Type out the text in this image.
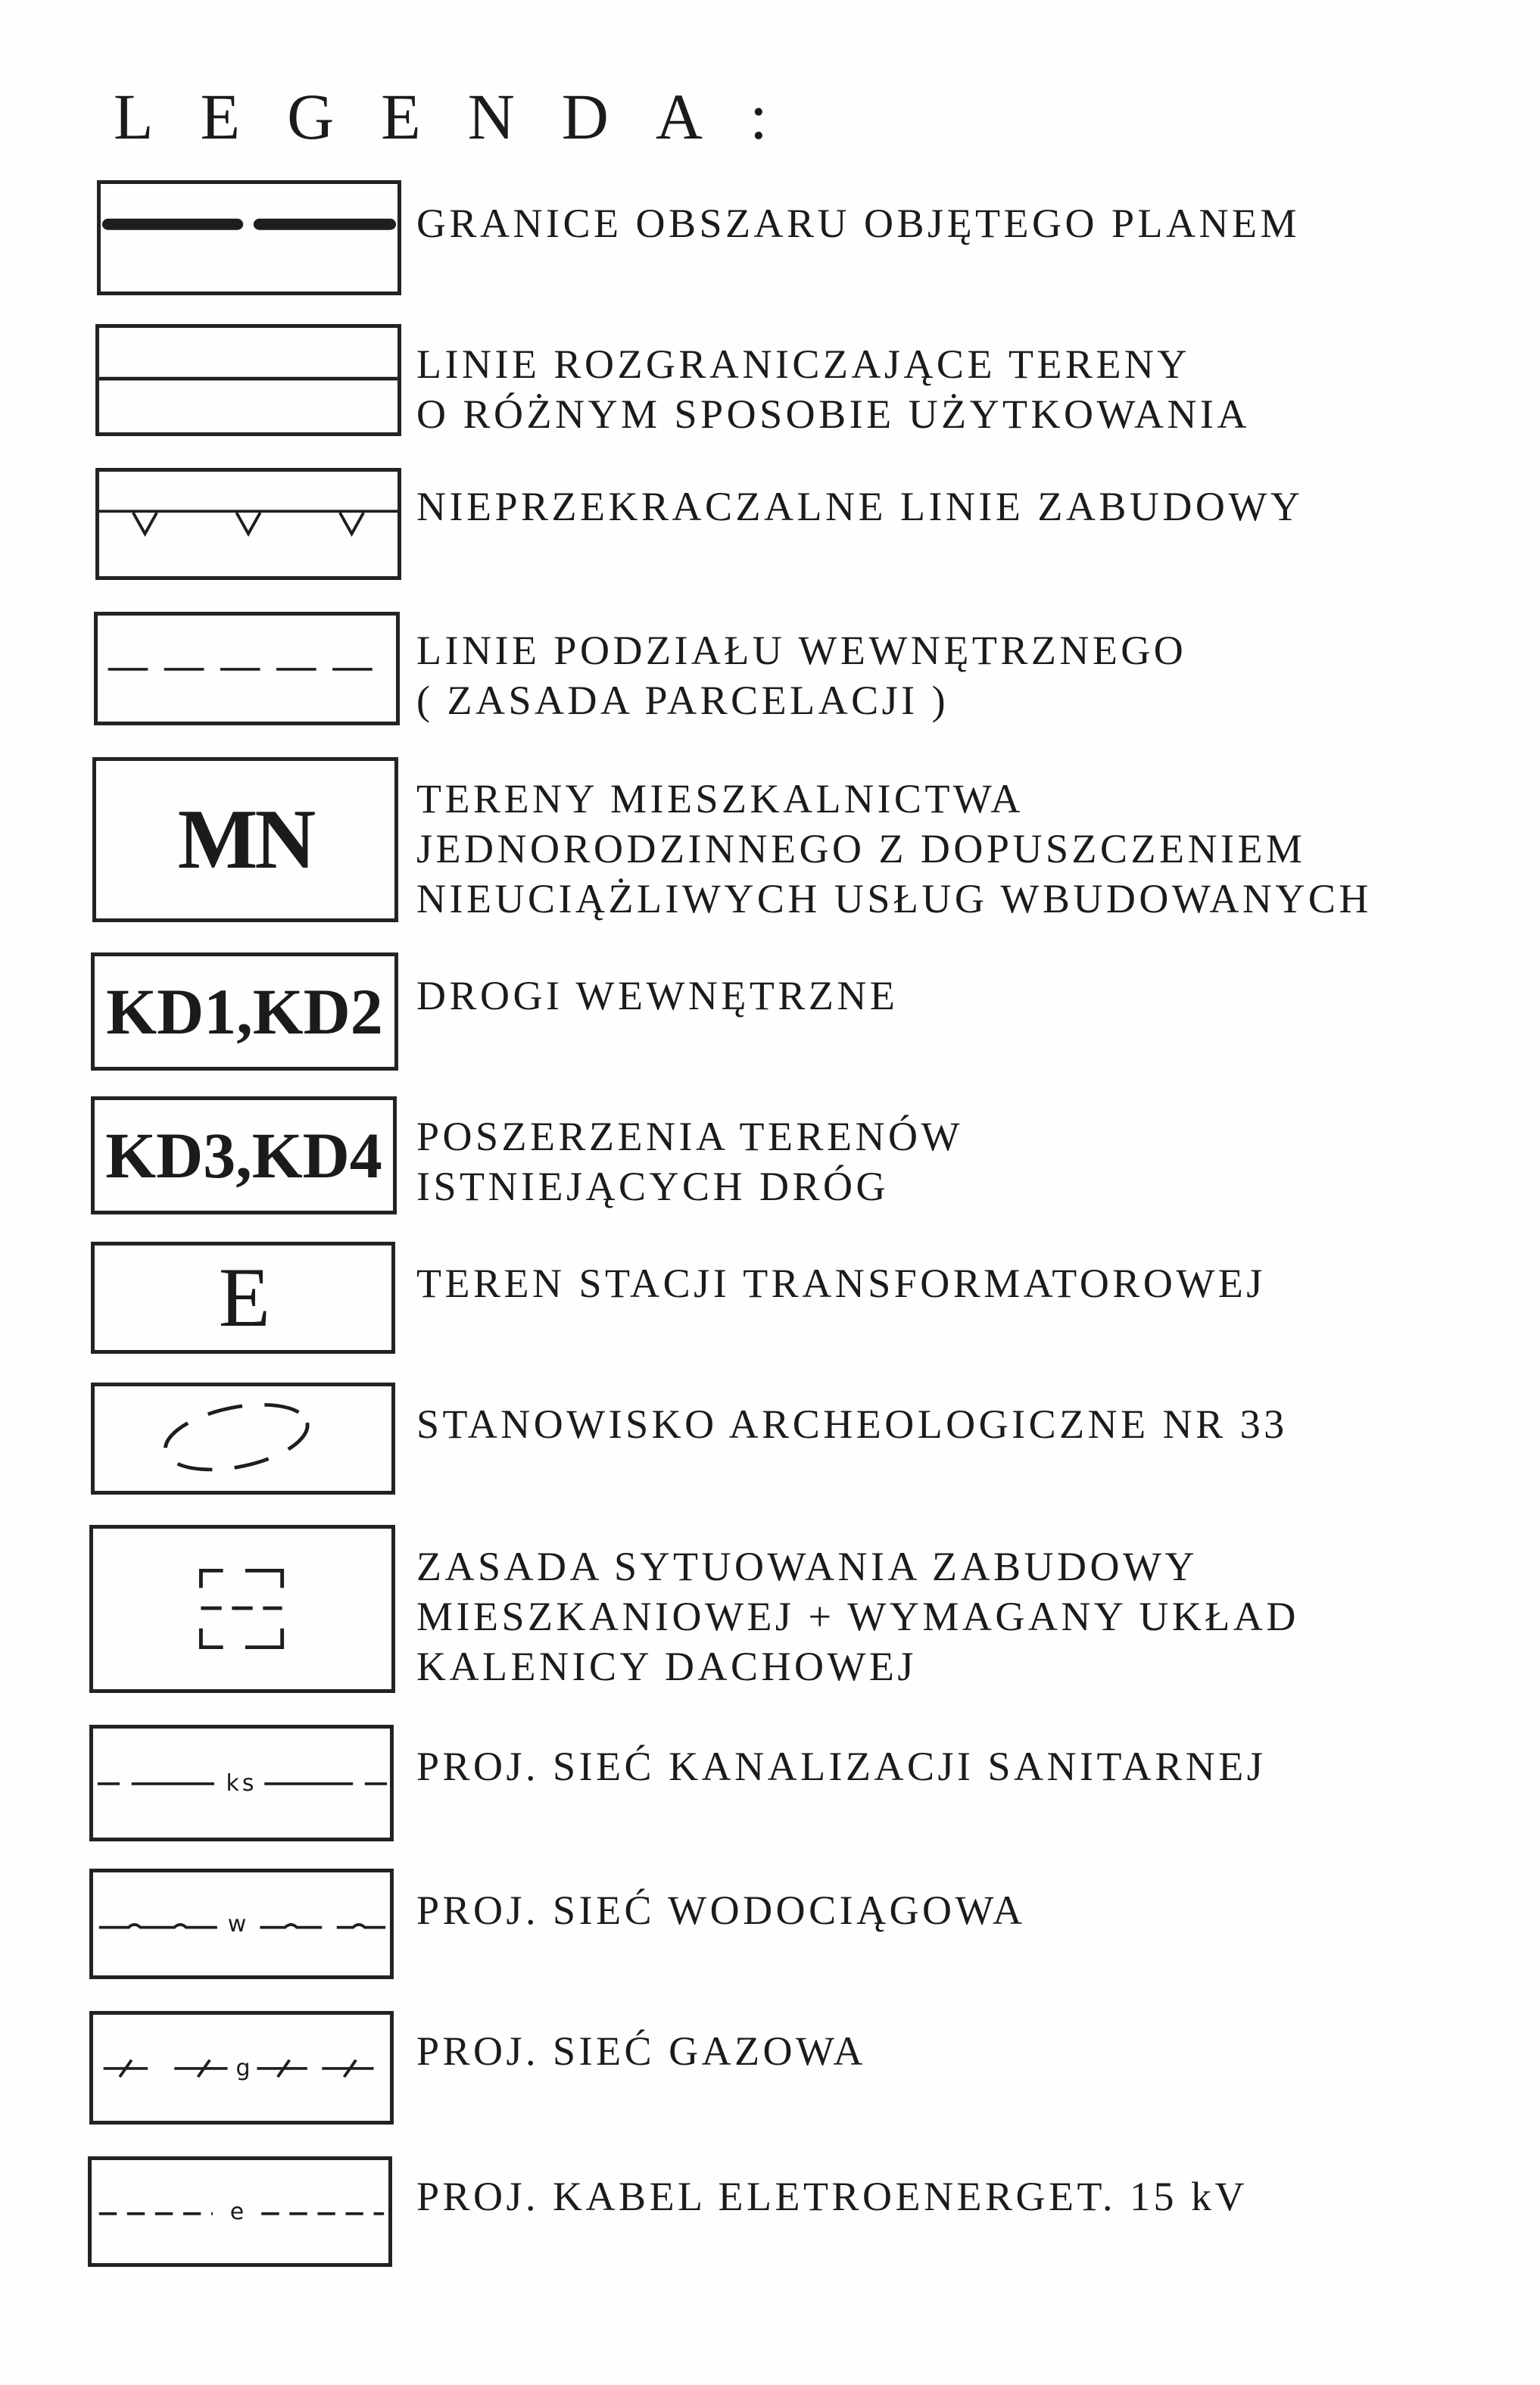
LEGENDA:
GRANICE OBSZARU OBJĘTEGO PLANEM
LINIE ROZGRANICZAJĄCE TERENY
O RÓŻNYM SPOSOBIE UŻYTKOWANIA
NIEPRZEKRACZALNE LINIE ZABUDOWY
LINIE PODZIAŁU WEWNĘTRZNEGO
( ZASADA PARCELACJI )
MN	TERENY MIESZKALNICTWA
JEDNORODZINNEGO Z DOPUSZCZENIEM
NIEUCIĄŻLIWYCH USŁUG WBUDOWANYCH
KD1,KD2 DROGI WEWNĘTRZNE
KD3,KD4 POSZERZENIA TERENÓW
ISTNIEJĄCYCH DRÓG
E	TEREN STACJI TRANSFORMATOROWEJ
STANOWISKO ARCHEOLOGICZNE NR 33
ZASADA SYTUOWANIA ZABUDOWY
MIESZKANIOWEJ + WYMAGANY UKŁAD
KALENICY DACHOWEJ
ks	PROJ. SIEĆ KANALIZACJI SANITARNEJ
w	PROJ. SIEĆ WODOCIĄGOWA
g	PROJ. SIEĆ GAZOWA
e	PROJ. KABEL ELETROENERGET. 15 kV
